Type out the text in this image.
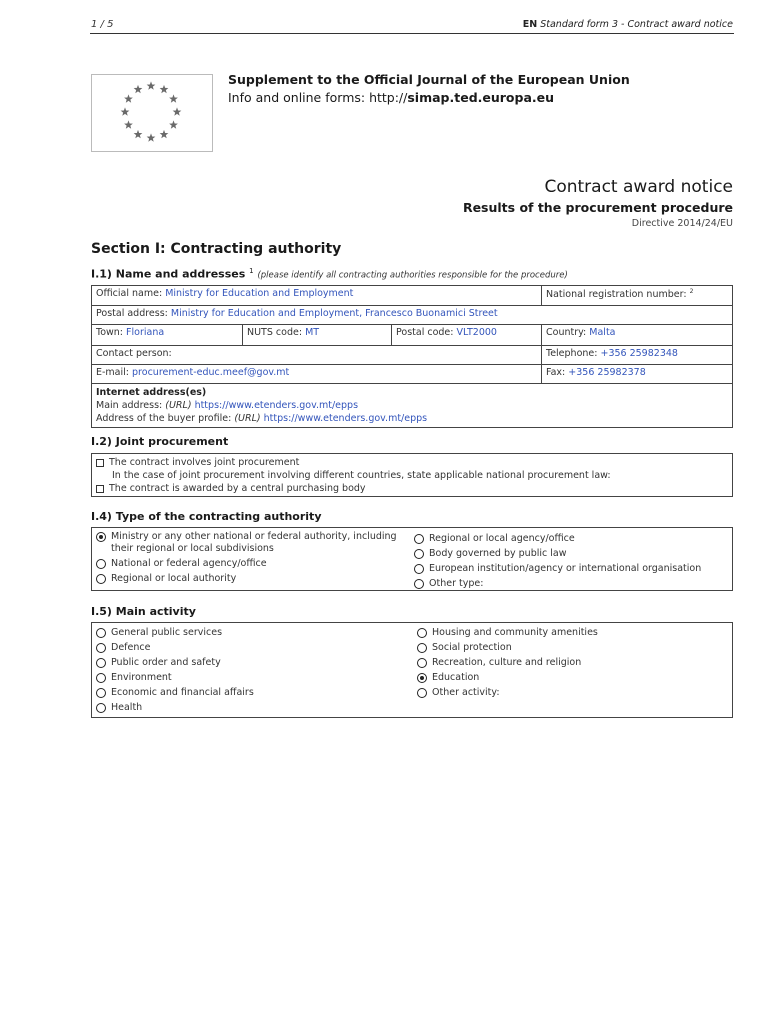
1 / 5	EN Standard form 3 - Contract award notice
Supplement to the Official Journal of the European Union
Info and online forms: http://simap.ted.europa.eu
Contract award notice
Results of the procurement procedure
Directive 2014/24/EU
Section I: Contracting authority
I.1) Name and addresses $^1$ (please identify all contracting authorities responsible for the procedure)
Official name: Ministry for Education and Employment	National registration number: $^2$
Postal address: Ministry for Education and Employment, Francesco Buonamici Street
Town: Floriana	NUTS code: MT	Postal code: VLT2000	Country: Malta
Contact person:	Telephone: +356 25982348
E-mail: procurement-educ.meef@gov.mt	Fax: +356 25982378
Internet address(es)
Main address: (URL) https://www.etenders.gov.mt/epps
Address of the buyer profile: (URL) https://www.etenders.gov.mt/epps
I.2) Joint procurement
The contract involves joint procurement
In the case of joint procurement involving different countries, state applicable national procurement law:
The contract is awarded by a central purchasing body
I.4) Type of the contracting authority
Ministry or any other national or federal authority, including their regional or local subdivisions
National or federal agency/office
Regional or local authority
Regional or local agency/office
Body governed by public law
European institution/agency or international organisation
Other type:
I.5) Main activity
General public services
Defence
Public order and safety
Environment
Economic and financial affairs
Health
Housing and community amenities
Social protection
Recreation, culture and religion
Education
Other activity:
